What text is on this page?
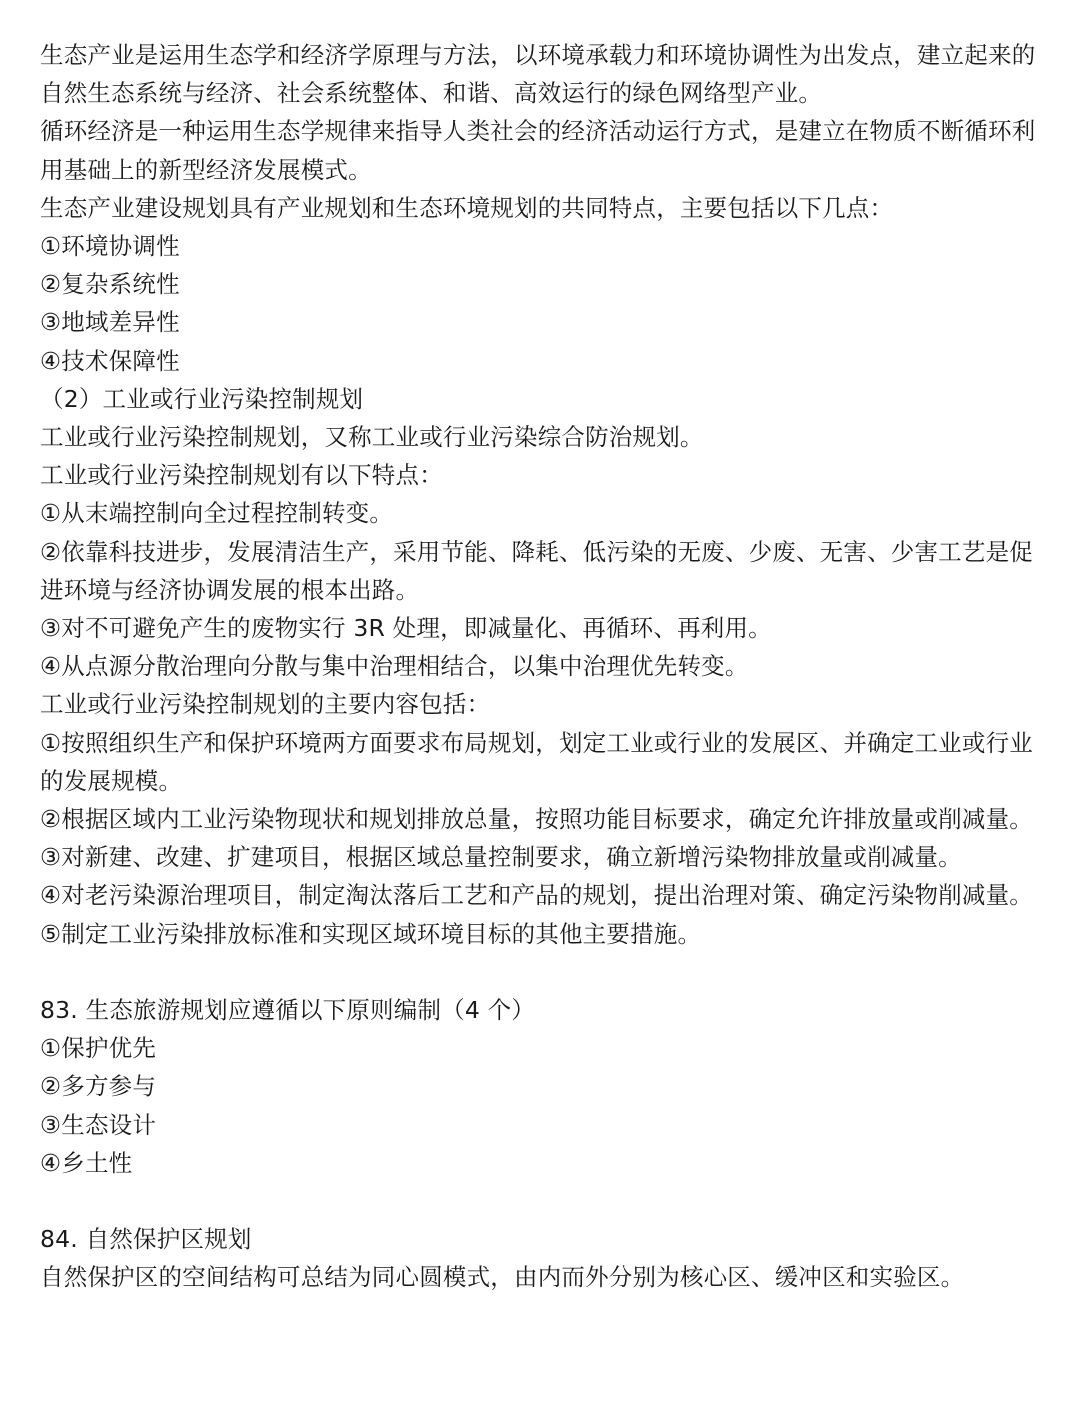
生态产业是运用生态学和经济学原理与方法，以环境承载力和环境协调性为出发点，建立起来的自然生态系统与经济、社会系统整体、和谐、高效运行的绿色网络型产业。
循环经济是一种运用生态学规律来指导人类社会的经济活动运行方式，是建立在物质不断循环利用基础上的新型经济发展模式。
生态产业建设规划具有产业规划和生态环境规划的共同特点，主要包括以下几点：
①环境协调性
②复杂系统性
③地域差异性
④技术保障性
（2）工业或行业污染控制规划
工业或行业污染控制规划，又称工业或行业污染综合防治规划。
工业或行业污染控制规划有以下特点：
①从末端控制向全过程控制转变。
②依靠科技进步，发展清洁生产，采用节能、降耗、低污染的无废、少废、无害、少害工艺是促进环境与经济协调发展的根本出路。
③对不可避免产生的废物实行 3R 处理，即减量化、再循环、再利用。
④从点源分散治理向分散与集中治理相结合，以集中治理优先转变。
工业或行业污染控制规划的主要内容包括：
①按照组织生产和保护环境两方面要求布局规划，划定工业或行业的发展区、并确定工业或行业的发展规模。
②根据区域内工业污染物现状和规划排放总量，按照功能目标要求，确定允许排放量或削减量。
③对新建、改建、扩建项目，根据区域总量控制要求，确立新增污染物排放量或削减量。
④对老污染源治理项目，制定淘汰落后工艺和产品的规划，提出治理对策、确定污染物削减量。
⑤制定工业污染排放标准和实现区域环境目标的其他主要措施。
83. 生态旅游规划应遵循以下原则编制（4 个）
①保护优先
②多方参与
③生态设计
④乡土性
84. 自然保护区规划
自然保护区的空间结构可总结为同心圆模式，由内而外分别为核心区、缓冲区和实验区。
